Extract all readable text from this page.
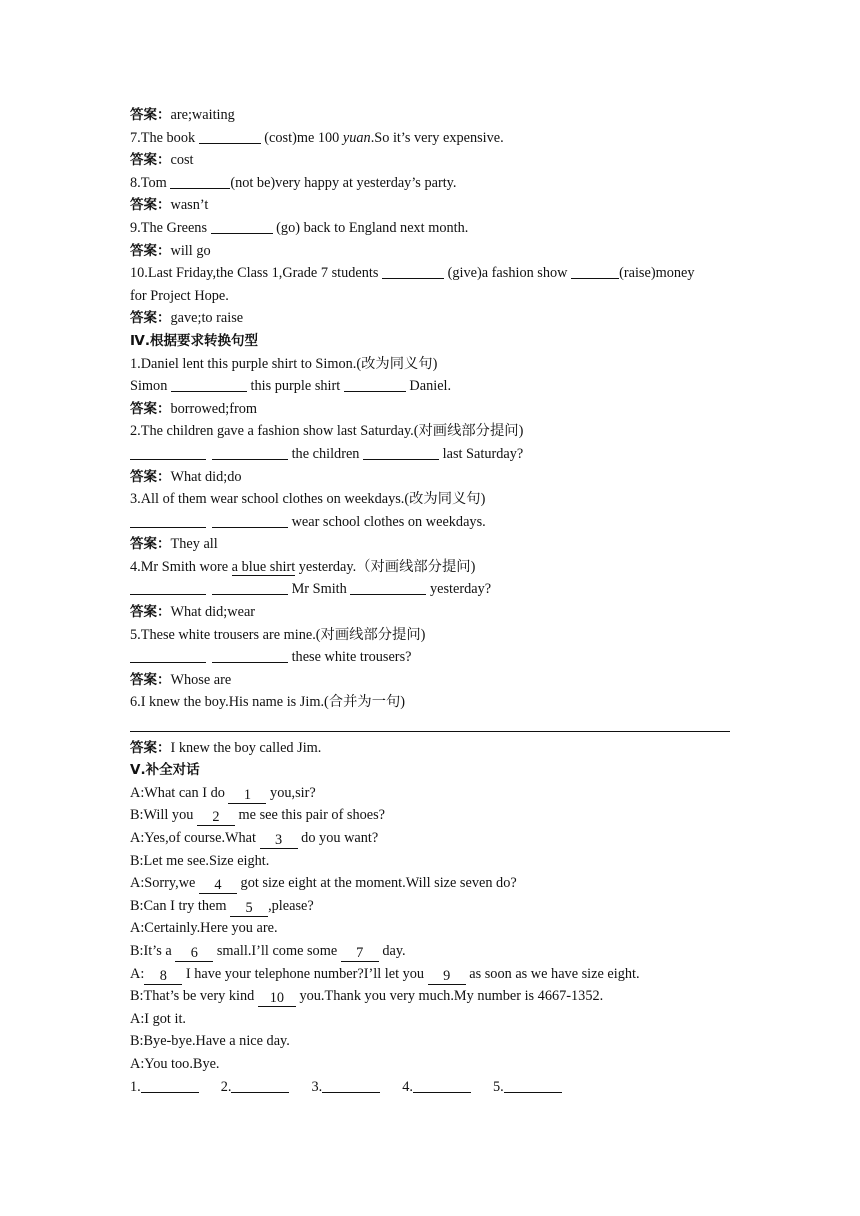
答案：are;waiting
7.The book	(cost)me 100 yuan.So it’s very expensive.
答案：cost
8.Tom	(not be)very happy at yesterday’s party.
答案：wasn’t
9.The Greens	(go) back to England next month.
答案：will go
10.Last Friday,the Class 1,Grade 7 students	(give)a fashion show	(raise)money
for Project Hope.
答案：gave;to raise
Ⅳ.根据要求转换句型
1.Daniel lent this purple shirt to Simon.(改为同义句)
Simon	this purple shirt	Daniel.
答案：borrowed;from
2.The children gave a fashion show last Saturday.(对画线部分提问)
the children	last Saturday?
答案：What did;do
3.All of them wear school clothes on weekdays.(改为同义句)
wear school clothes on weekdays.
答案：They all
4.Mr Smith wore a blue shirt yesterday.（对画线部分提问)
Mr Smith	yesterday?
答案：What did;wear
5.These white trousers are mine.(对画线部分提问)
these white trousers?
答案：Whose are
6.I knew the boy.His name is Jim.(合并为一句)
答案：I knew the boy called Jim.
Ⅴ.补全对话
A:What can I do 1 you,sir?
B:Will you 2 me see this pair of shoes?
A:Yes,of course.What 3 do you want?
B:Let me see.Size eight.
A:Sorry,we 4 got size eight at the moment.Will size seven do?
B:Can I try them 5 ,please?
A:Certainly.Here you are.
B:It’s a 6 small.I’ll come some 7 day.
A: 8 I have your telephone number?I’ll let you 9 as soon as we have size eight.
B:That’s be very kind 10 you.Thank you very much.My number is 4667-1352.
A:I got it.
B:Bye-bye.Have a nice day.
A:You too.Bye.
1.	2.	3.	4.	5.
